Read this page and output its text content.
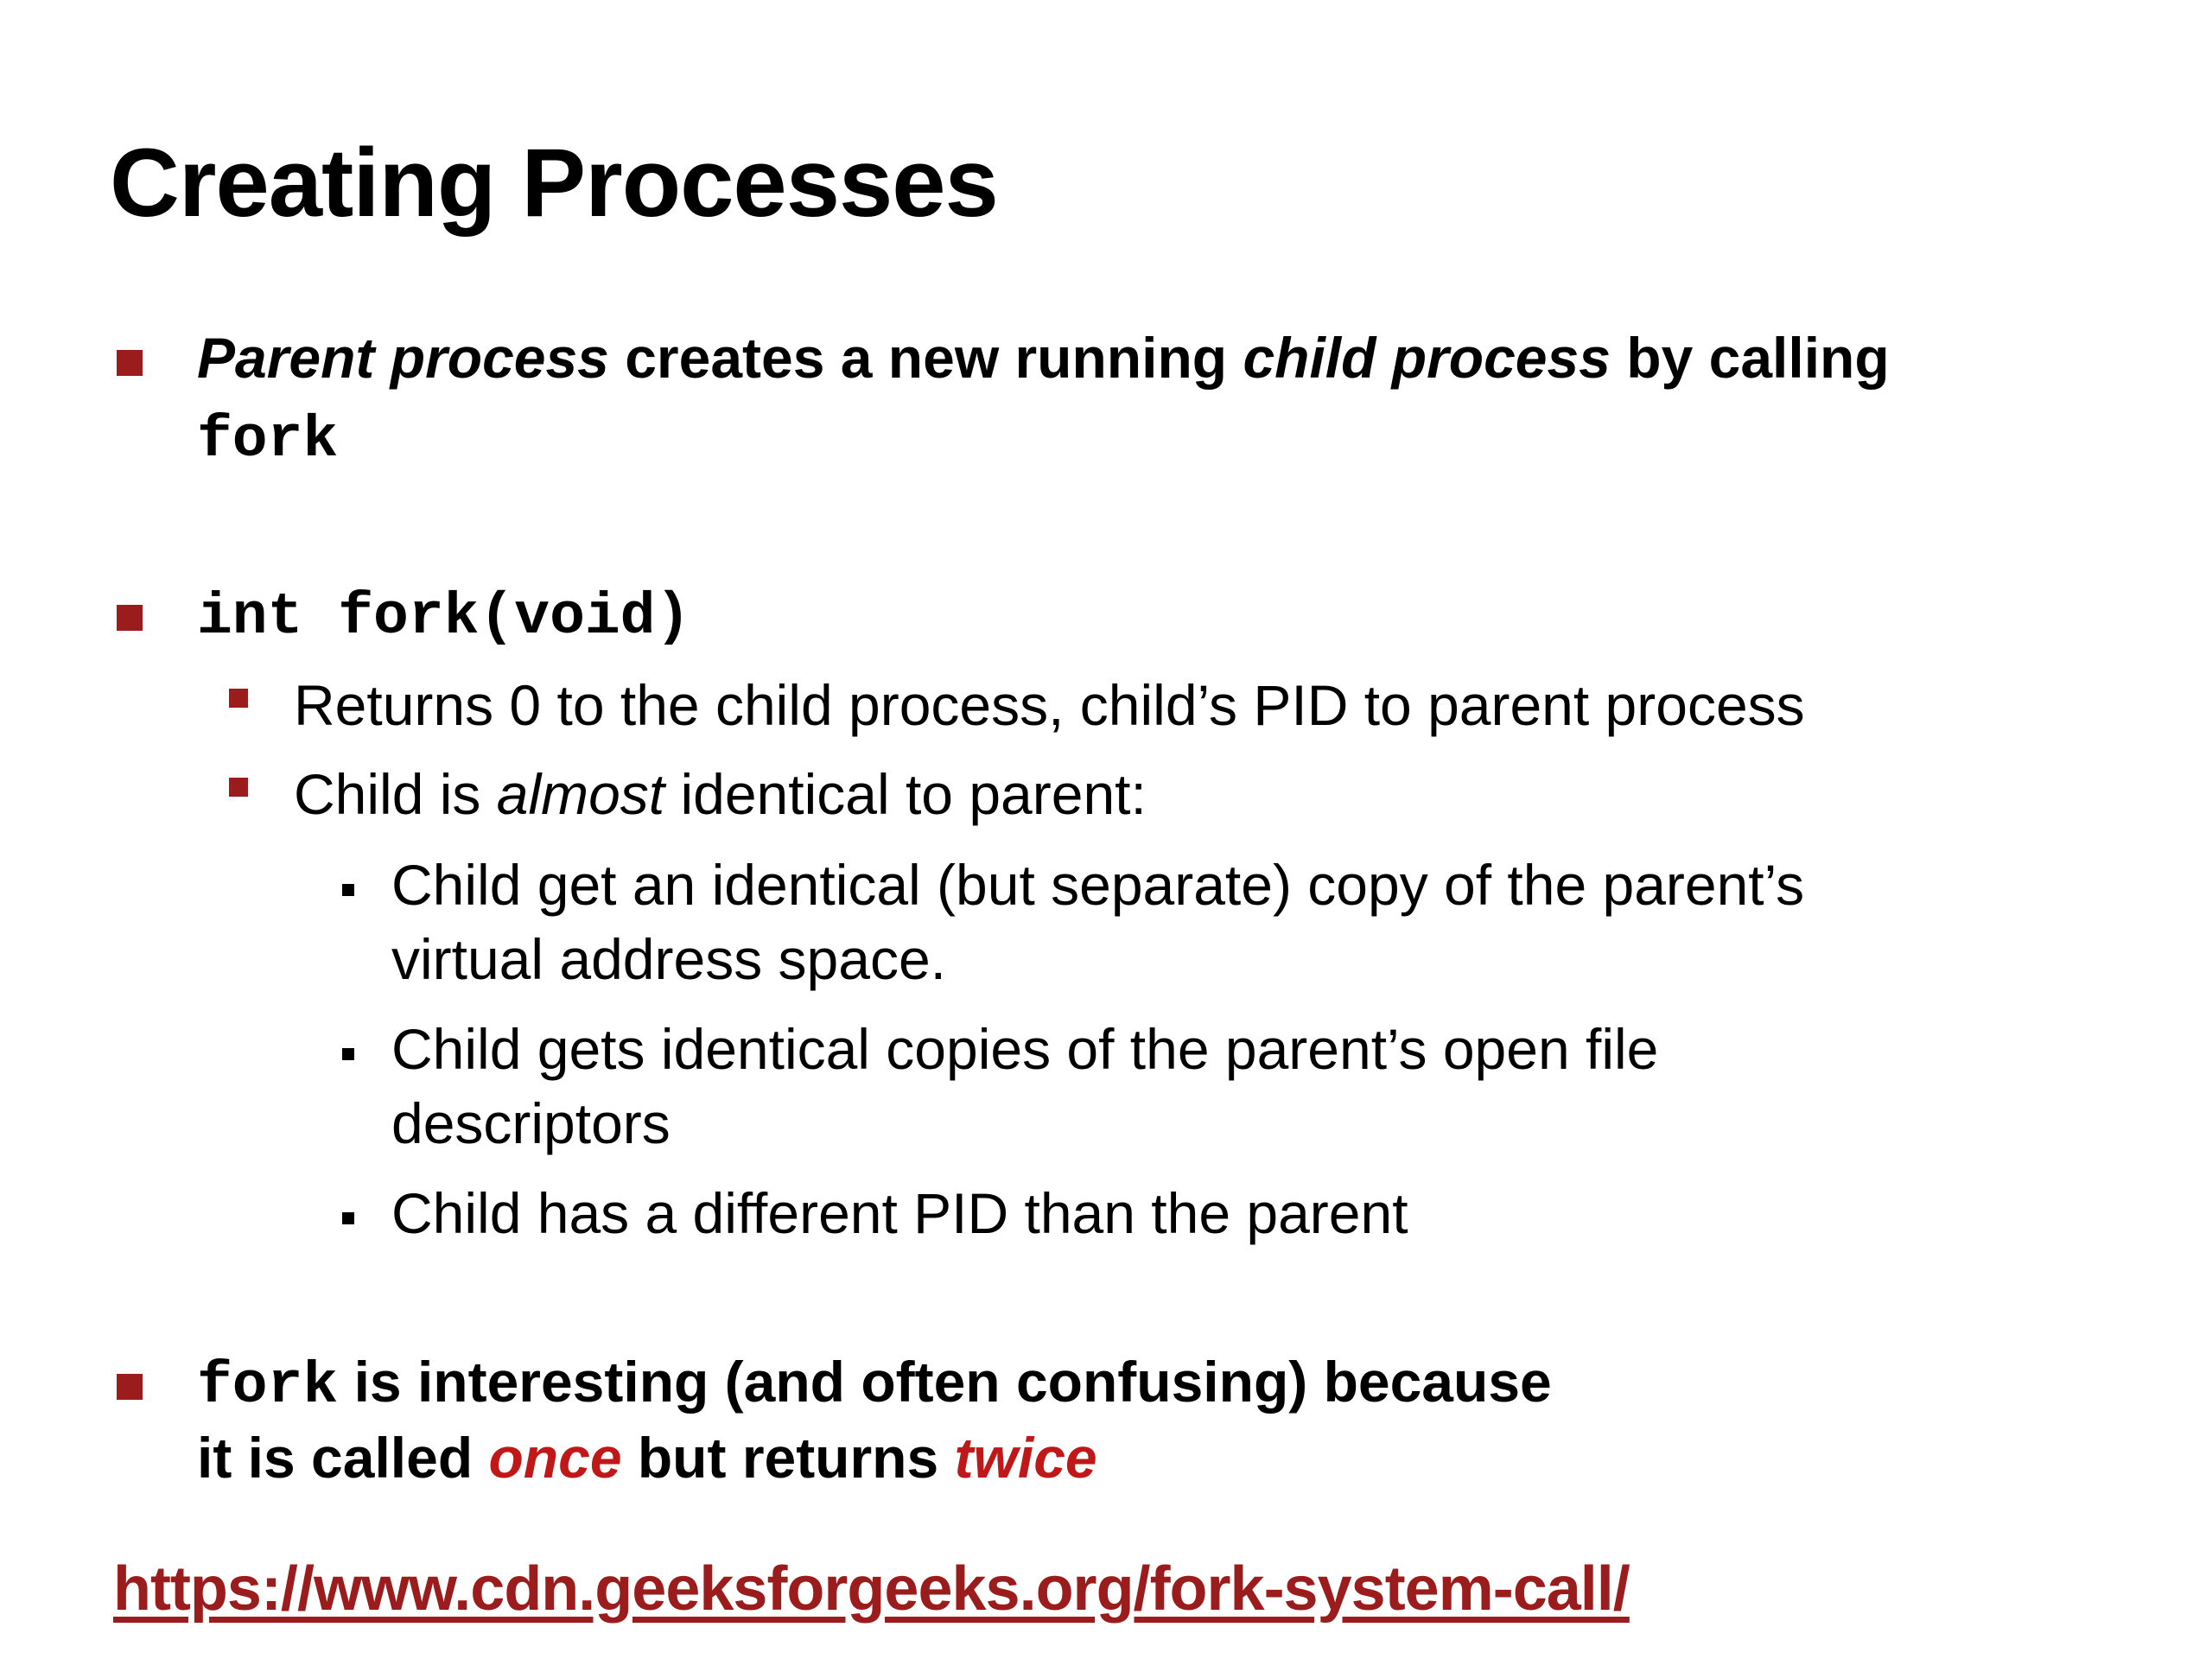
Creating Processes
Parent process creates a new running child process by calling
fork
int fork(void)
Returns 0 to the child process, child’s PID to parent process
Child is almost identical to parent:
Child get an identical (but separate) copy of the parent’s
virtual address space.
Child gets identical copies of the parent’s open file
descriptors
Child has a different PID than the parent
fork is interesting (and often confusing) because
it is called once but returns twice
https://www.cdn.geeksforgeeks.org/fork-system-call/
